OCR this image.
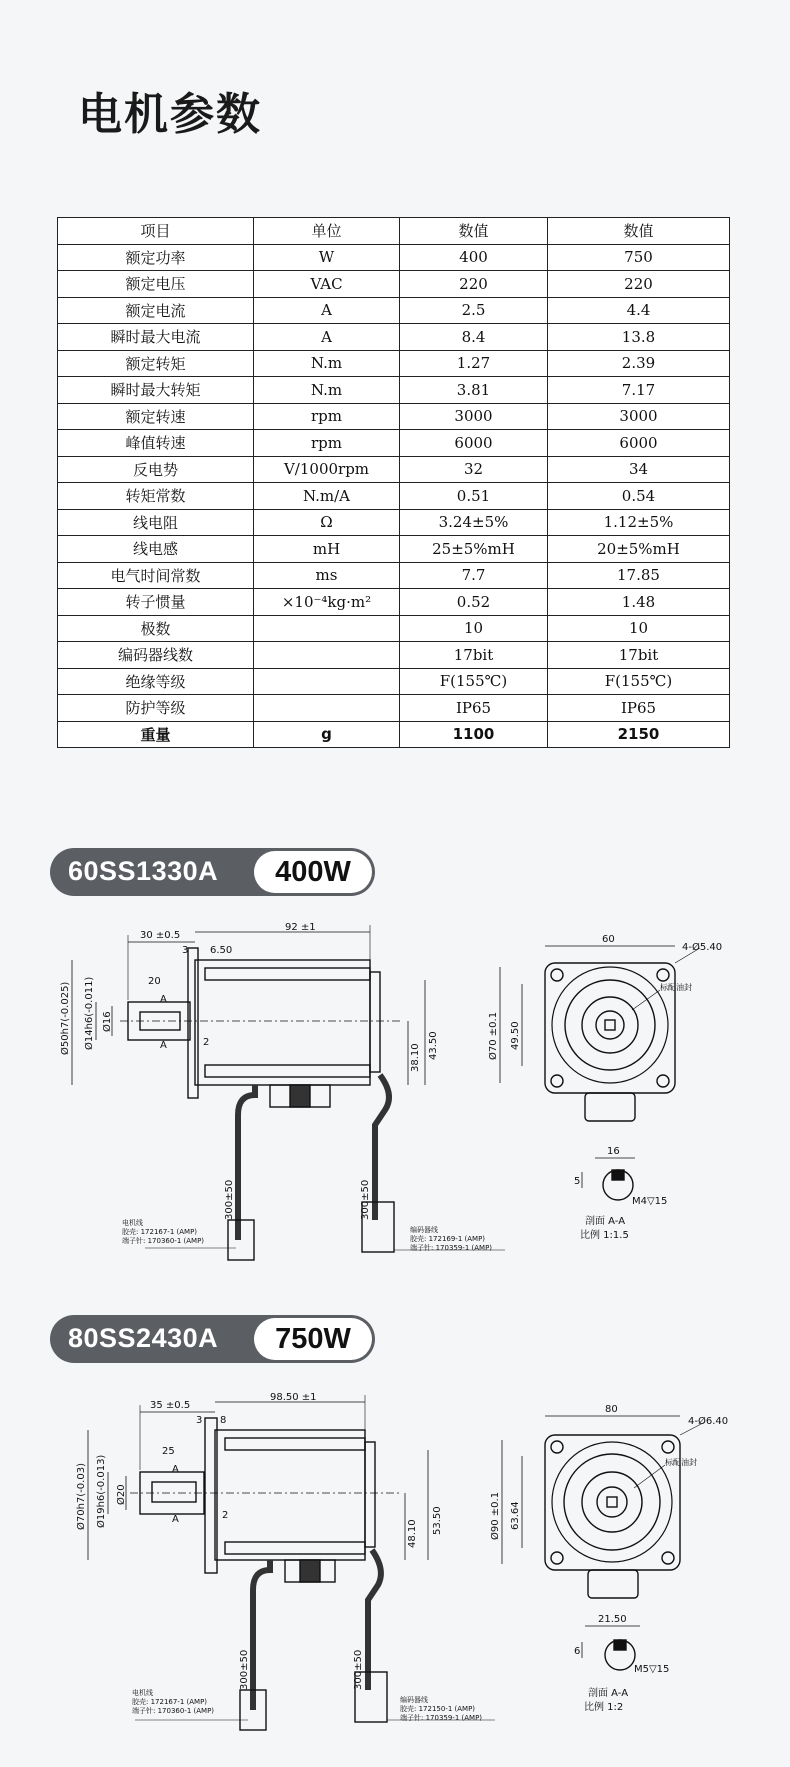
电机参数
项目	单位	数值	数值
额定功率	W	400	750
额定电压	VAC	220	220
额定电流	A	2.5	4.4
瞬时最大电流	A	8.4	13.8
额定转矩	N.m	1.27	2.39
瞬时最大转矩	N.m	3.81	7.17
额定转速	rpm	3000	3000
峰值转速	rpm	6000	6000
反电势	V/1000rpm	32	34
转矩常数	N.m/A	0.51	0.54
线电阻	Ω	3.24±5%	1.12±5%
线电感	mH	25±5%mH	20±5%mH
电气时间常数	ms	7.7	17.85
转子惯量	×10⁻⁴kg·m²	0.52	1.48
极数		10	10
编码器线数		17bit	17bit
绝缘等级		F(155℃)	F(155℃)
防护等级		IP65	IP65
重量	g	1100	2150
60SS1330A	400W
30 ±0.5
3 6.50
92 ±1
20
A
A	2
Ø50h7(-0.025) Ø14h6(-0.011) Ø16
38.10 43.50
300±50	300±50
60
4-Ø5.40
标配油封
Ø70 ±0.1 49.50
16
5
M4▽15
剖面 A-A
比例 1:1.5
电机线
胶壳: 172167-1 (AMP)
端子针: 170360-1 (AMP)
编码器线
胶壳: 172169-1 (AMP)
端子针: 170359-1 (AMP)
80SS2430A	750W
35 ±0.5
3 8
98.50 ±1
25
A
A	2
Ø70h7(-0.03) Ø19h6(-0.013) Ø20
48.10 53.50
300±50	300±50
80
4-Ø6.40
标配油封
Ø90 ±0.1 63.64
21.50
6
M5▽15
剖面 A-A
比例 1:2
电机线
胶壳: 172167-1 (AMP)
端子针: 170360-1 (AMP)
编码器线
胶壳: 172150-1 (AMP)
端子针: 170359-1 (AMP)
